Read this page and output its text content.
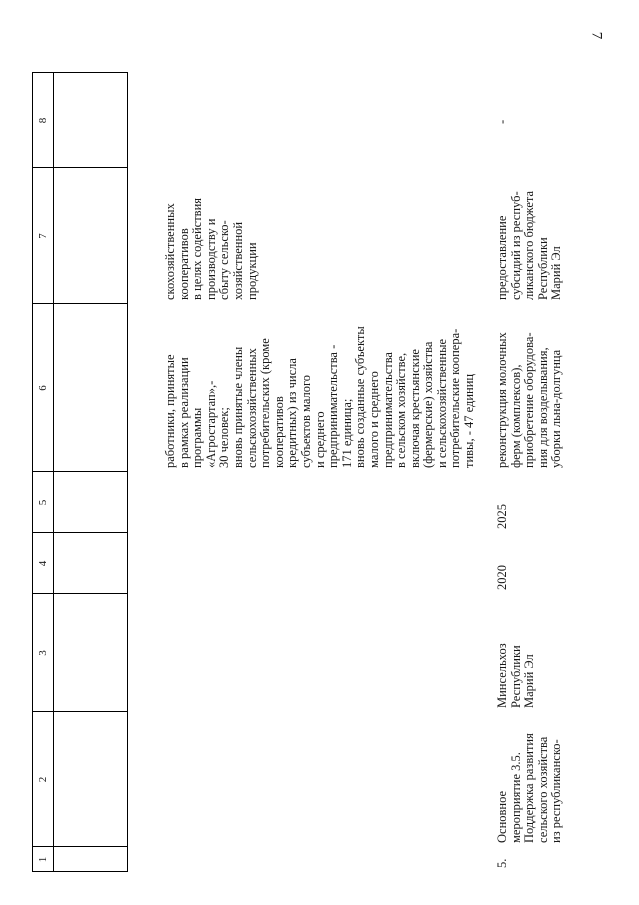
7
1
2
3
4
5
6
7
8
работники, принятые в рамках реализации программы «Агростартап»,- 30 человек; вновь принятые члены сельскохозяйственных потребительских (кроме кооперативов кредитных) из числа субъектов малого и среднего предпринимательства - 171 единица; вновь созданные субъекты малого и среднего предпринимательства в сельском хозяйстве, включая крестьянские (фермерские) хозяйства и сельскохозяйственные потребительские коопера- тивы, - 47 единиц
скохозяйственных кооперативов в целях содействия производству и сбыту сельско- хозяйственной продукции
5.
Основное мероприятие 3.5. Поддержка развития сельского хозяйства из республиканско-
Минсельхоз Республики Марий Эл
2020
2025
реконструкция молочных ферм (комплексов), приобретение оборудова- ния для возделывания, уборки льна-долгунца
предоставление субсидий из респуб- ликанского бюджета Республики Марий Эл
-
